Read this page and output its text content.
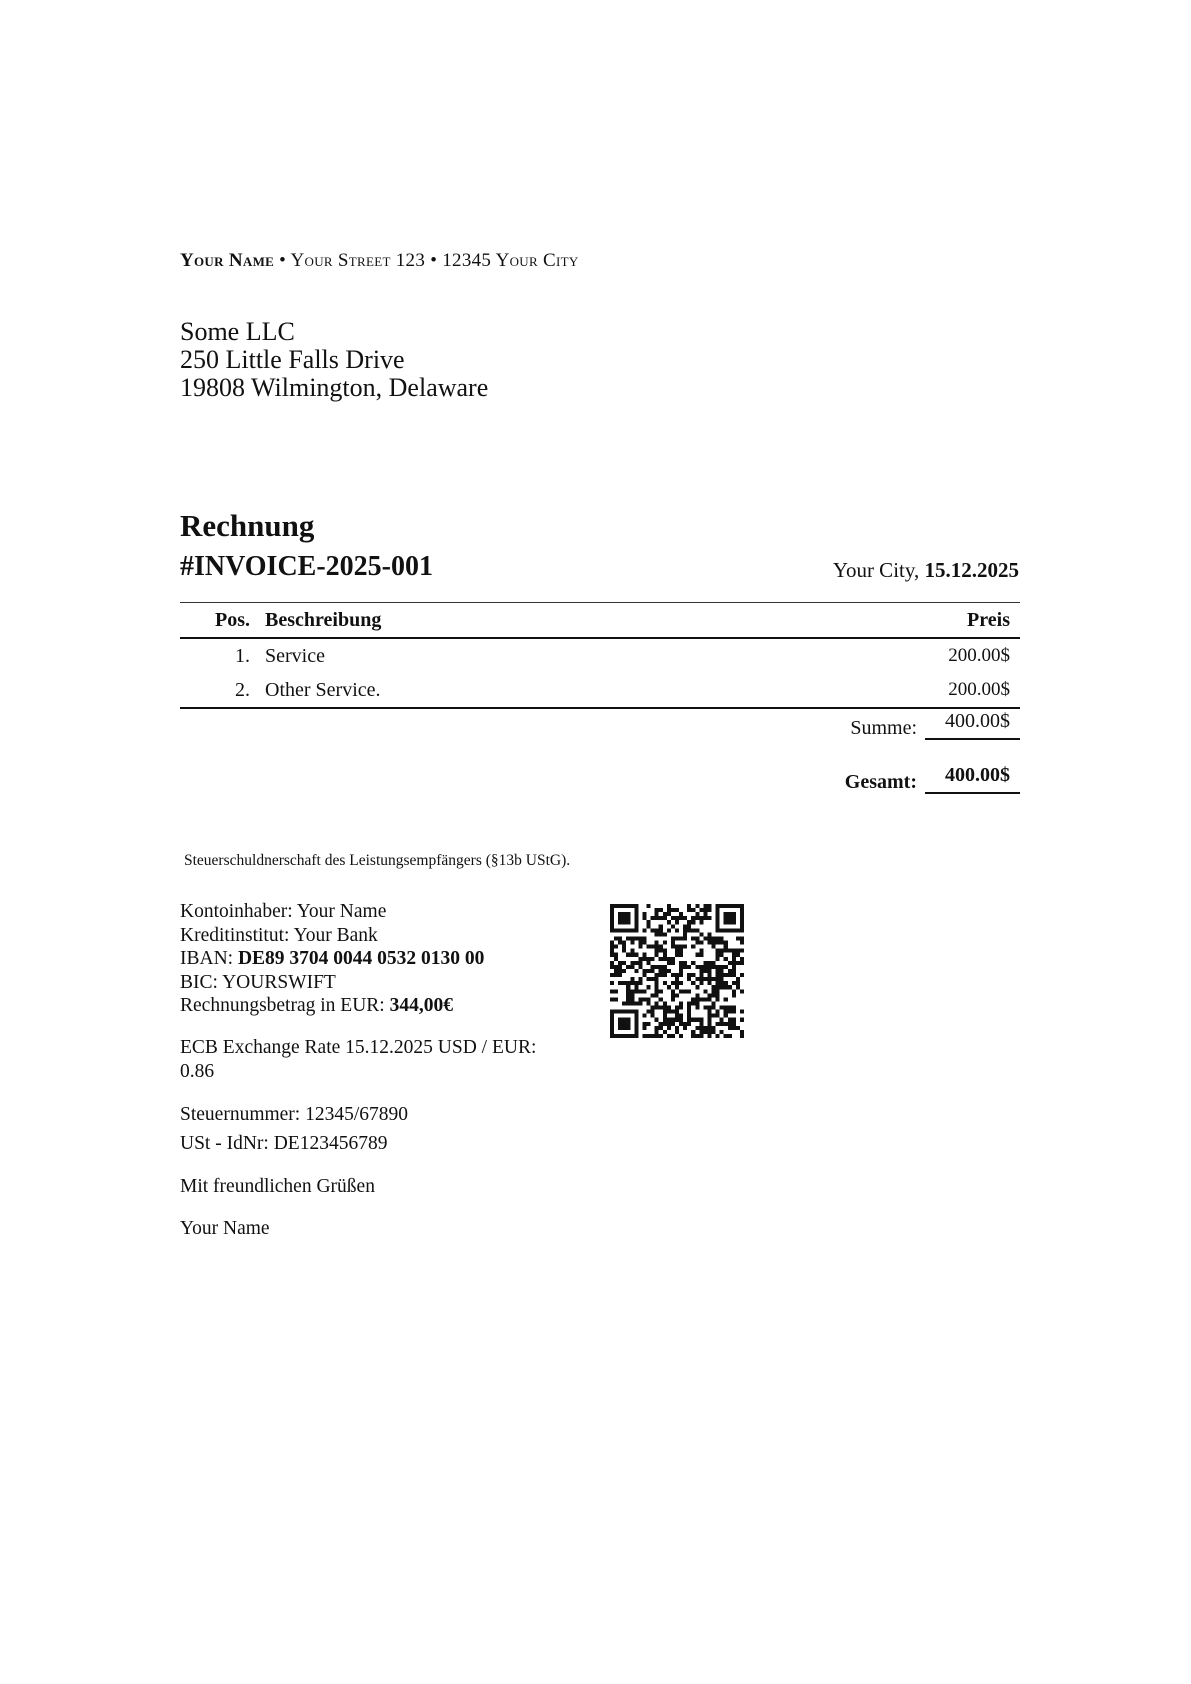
Your Name • Your Street 123 • 12345 Your City
Some LLC
250 Little Falls Drive
19808 Wilmington, Delaware
Rechnung
#INVOICE-2025-001	Your City, 15.12.2025
Pos.	Beschreibung	Preis
1.	Service	200.00$
2.	Other Service.	200.00$
Summe:	400.00$
Gesamt:	400.00$
Steuerschuldnerschaft des Leistungsempfängers (§13b UStG).
Kontoinhaber: Your Name
Kreditinstitut: Your Bank
IBAN: DE89 3704 0044 0532 0130 00
BIC: YOURSWIFT
Rechnungsbetrag in EUR: 344,00€
ECB Exchange Rate 15.12.2025 USD / EUR:
0.86
Steuernummer: 12345/67890
USt - IdNr: DE123456789
Mit freundlichen Grüßen
Your Name
